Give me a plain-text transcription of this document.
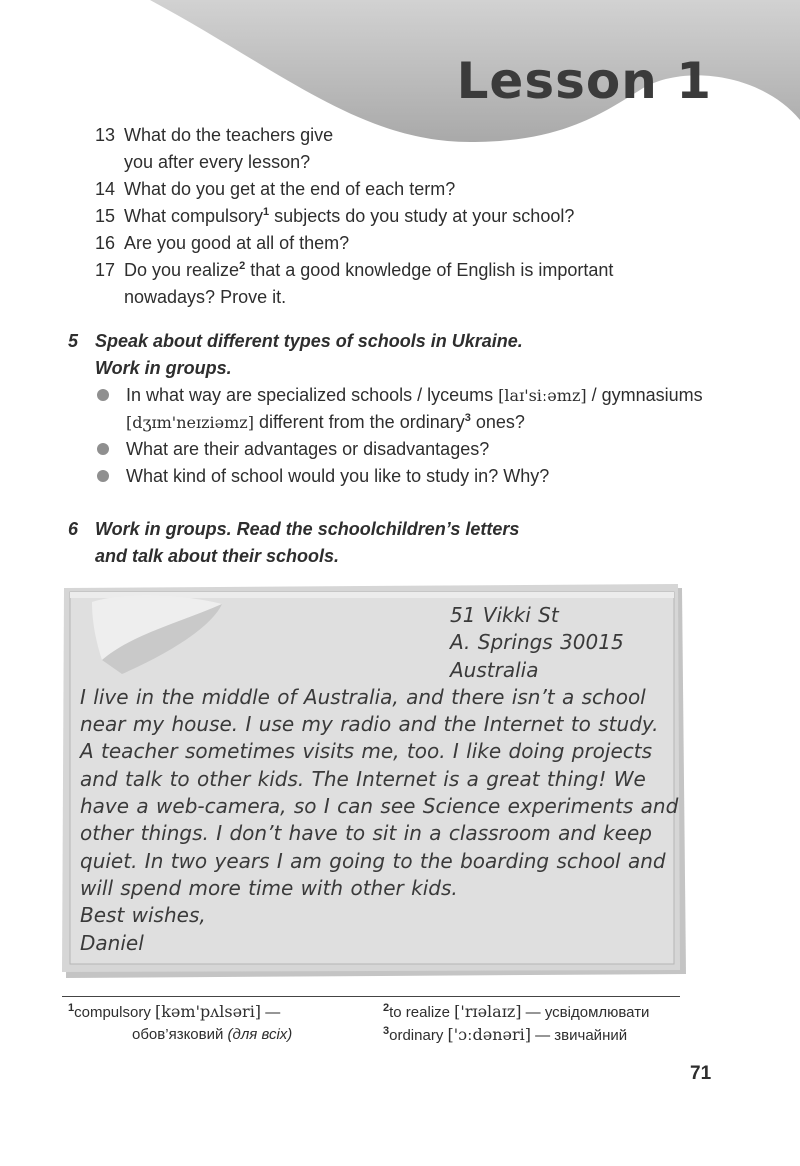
Lesson 1
13 What do the teachers give
you after every lesson?
14 What do you get at the end of each term?
15 What compulsory$^1$ subjects do you study at your school?
16 Are you good at all of them?
17 Do you realize$^2$ that a good knowledge of English is important
nowadays? Prove it.
5 Speak about different types of schools in Ukraine.
Work in groups.
In what way are specialized schools / lyceums [laɪ'siːəmz] / gymnasiums [dʒɪm'neɪziəmz] different from the ordinary$^3$ ones?
What are their advantages or disadvantages?
What kind of school would you like to study in? Why?
6 Work in groups. Read the schoolchildren’s letters
and talk about their schools.
51 Vikki St
A. Springs 30015
Australia
I live in the middle of Australia, and there isn’t a school
near my house. I use my radio and the Internet to study.
A teacher sometimes visits me, too. I like doing projects
and talk to other kids. The Internet is a great thing! We
have a web-camera, so I can see Science experiments and
other things. I don’t have to sit in a classroom and keep
quiet. In two years I am going to the boarding school and
will spend more time with other kids.
Best wishes,
Daniel
$^1$compulsory [kəm'pʌlsəri] —
обов’язковий (для всіх)
$^2$to realize ['rɪəlaɪz] — усвідомлювати
$^3$ordinary ['ɔːdənəri] — звичайний
71
